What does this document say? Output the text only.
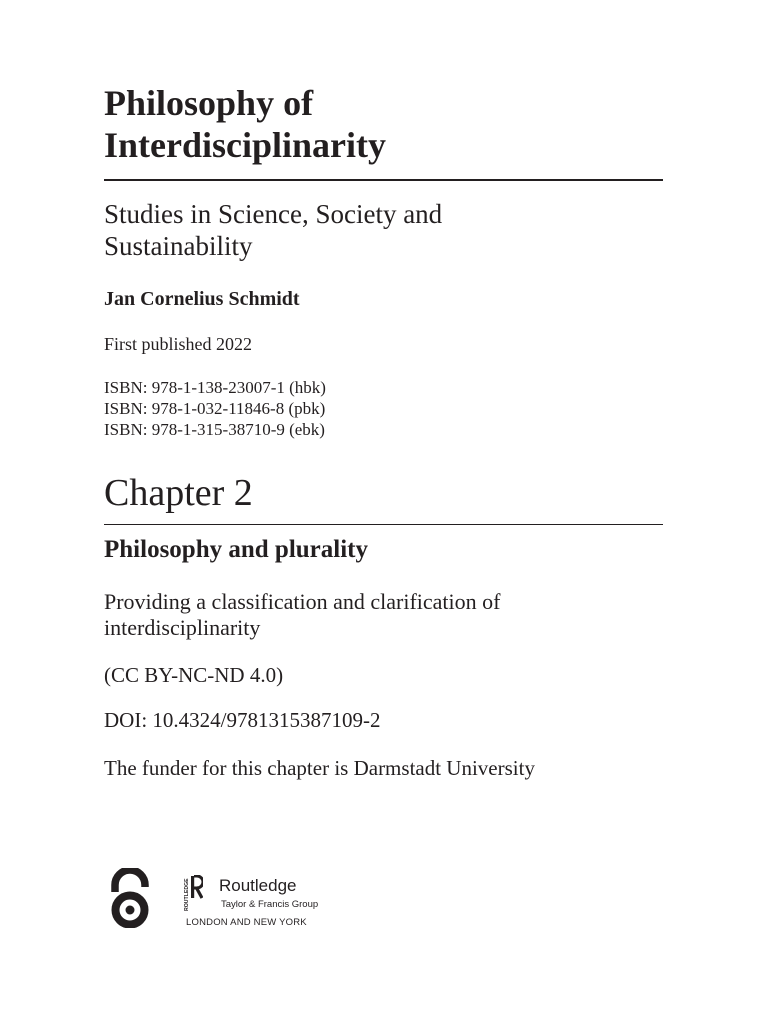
Philosophy of
Interdisciplinarity
Studies in Science, Society and
Sustainability
Jan Cornelius Schmidt
First published 2022
ISBN: 978-1-138-23007-1 (hbk)
ISBN: 978-1-032-11846-8 (pbk)
ISBN: 978-1-315-38710-9 (ebk)
Chapter 2
Philosophy and plurality

Providing a classification and clarification of
interdisciplinarity

(CC BY-NC-ND 4.0)
DOI: 10.4324/9781315387109-2
The funder for this chapter is Darmstadt University
ROUTLEDGE Routledge
Taylor & Francis Group
LONDON AND NEW YORK
